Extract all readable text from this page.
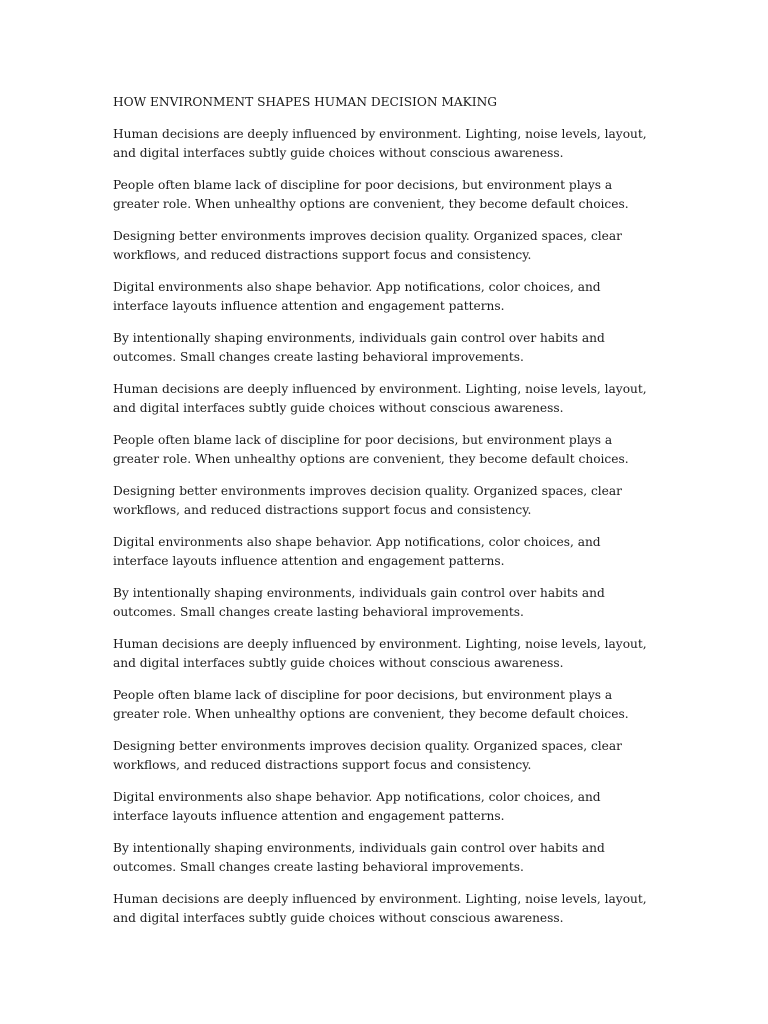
HOW ENVIRONMENT SHAPES HUMAN DECISION MAKING

Human decisions are deeply influenced by environment. Lighting, noise levels, layout, and digital interfaces subtly guide choices without conscious awareness.

People often blame lack of discipline for poor decisions, but environment plays a greater role. When unhealthy options are convenient, they become default choices.

Designing better environments improves decision quality. Organized spaces, clear workflows, and reduced distractions support focus and consistency.

Digital environments also shape behavior. App notifications, color choices, and interface layouts influence attention and engagement patterns.

By intentionally shaping environments, individuals gain control over habits and outcomes. Small changes create lasting behavioral improvements.

Human decisions are deeply influenced by environment. Lighting, noise levels, layout, and digital interfaces subtly guide choices without conscious awareness.

People often blame lack of discipline for poor decisions, but environment plays a greater role. When unhealthy options are convenient, they become default choices.

Designing better environments improves decision quality. Organized spaces, clear workflows, and reduced distractions support focus and consistency.

Digital environments also shape behavior. App notifications, color choices, and interface layouts influence attention and engagement patterns.

By intentionally shaping environments, individuals gain control over habits and outcomes. Small changes create lasting behavioral improvements.

Human decisions are deeply influenced by environment. Lighting, noise levels, layout, and digital interfaces subtly guide choices without conscious awareness.

People often blame lack of discipline for poor decisions, but environment plays a greater role. When unhealthy options are convenient, they become default choices.

Designing better environments improves decision quality. Organized spaces, clear workflows, and reduced distractions support focus and consistency.

Digital environments also shape behavior. App notifications, color choices, and interface layouts influence attention and engagement patterns.

By intentionally shaping environments, individuals gain control over habits and outcomes. Small changes create lasting behavioral improvements.

Human decisions are deeply influenced by environment. Lighting, noise levels, layout, and digital interfaces subtly guide choices without conscious awareness.
